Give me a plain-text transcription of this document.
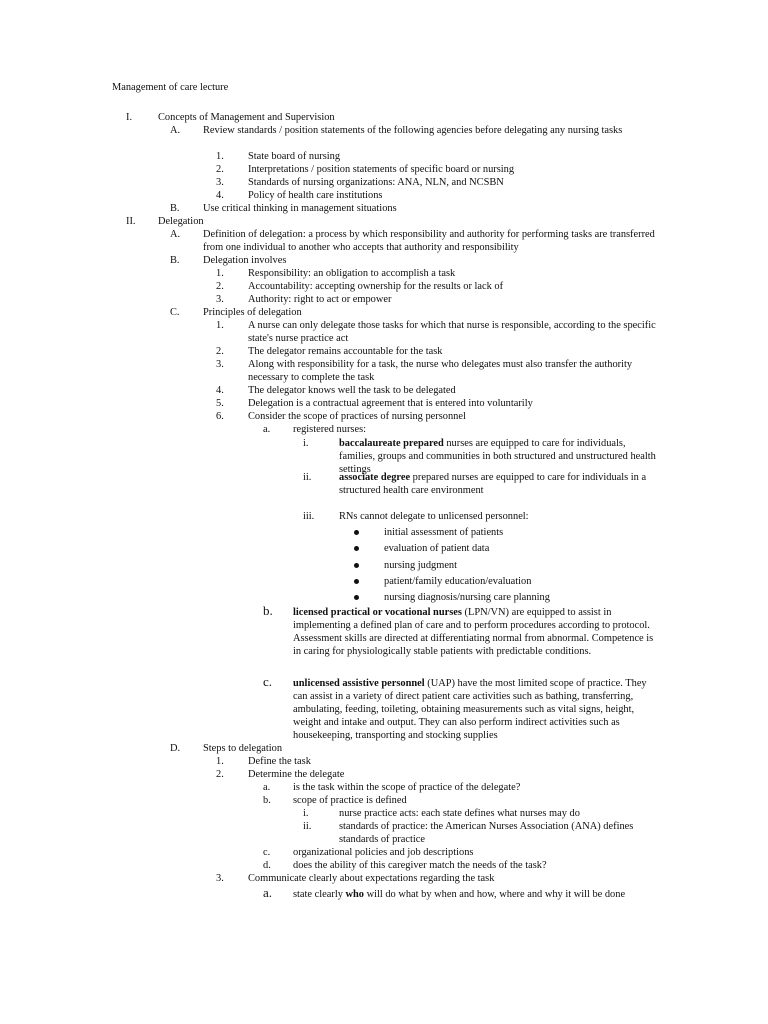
Management of care lecture
I. Concepts of Management and Supervision
A. Review standards / position statements of the following agencies before delegating any nursing tasks
1. State board of nursing
2. Interpretations / position statements of specific board or nursing
3. Standards of nursing organizations: ANA, NLN, and NCSBN
4. Policy of health care institutions
B. Use critical thinking in management situations
II. Delegation
A. Definition of delegation: a process by which responsibility and authority for performing tasks are transferred from one individual to another who accepts that authority and responsibility
B. Delegation involves
1. Responsibility: an obligation to accomplish a task
2. Accountability: accepting ownership for the results or lack of
3. Authority: right to act or empower
C. Principles of delegation
1. A nurse can only delegate those tasks for which that nurse is responsible, according to the specific state's nurse practice act
2. The delegator remains accountable for the task
3. Along with responsibility for a task, the nurse who delegates must also transfer the authority necessary to complete the task
4. The delegator knows well the task to be delegated
5. Delegation is a contractual agreement that is entered into voluntarily
6. Consider the scope of practices of nursing personnel
a. registered nurses:
i.	baccalaureate prepared nurses are equipped to care for individuals, families, groups and communities in both structured and unstructured health settings
ii.	associate degree prepared nurses are equipped to care for individuals in a structured health care environment
iii. RNs cannot delegate to unlicensed personnel:
initial assessment of patients
evaluation of patient data
nursing judgment
patient/family education/evaluation
nursing diagnosis/nursing care planning
b. licensed practical or vocational nurses (LPN/VN) are equipped to assist in implementing a defined plan of care and to perform procedures according to protocol. Assessment skills are directed at differentiating normal from abnormal. Competence is in caring for physiologically stable patients with predictable conditions.
c. unlicensed assistive personnel (UAP) have the most limited scope of practice. They can assist in a variety of direct patient care activities such as bathing, transferring, ambulating, feeding, toileting, obtaining measurements such as vital signs, height, weight and intake and output. They can also perform indirect activities such as housekeeping, transporting and stocking supplies
D. Steps to delegation
1. Define the task
2. Determine the delegate
a. is the task within the scope of practice of the delegate?
b. scope of practice is defined
i.	nurse practice acts: each state defines what nurses may do
ii.	standards of practice: the American Nurses Association (ANA) defines standards of practice
c. organizational policies and job descriptions
d. does the ability of this caregiver match the needs of the task?
3. Communicate clearly about expectations regarding the task
a. state clearly who will do what by when and how, where and why it will be done
